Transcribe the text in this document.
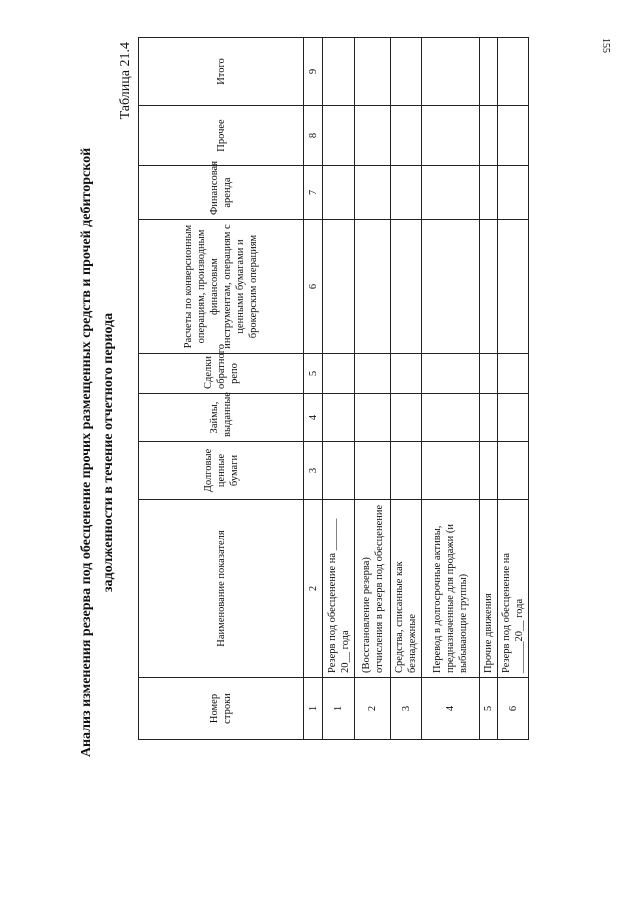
155
Анализ изменения резерва под обесценение прочих размещенных средств и прочей дебиторской задолженности в течение отчетного периода
Таблица 21.4
Номер строки	Наименование показателя	Долговые ценные бумаги	Займы, выданные	Сделки обратного репо	Расчеты по конверсионным операциям, производным финансовым инструментам, операциям с ценными бумагами и брокерским операциям	Финансовая аренда	Прочее	Итого
1	2	3	4	5	6	7	8	9
1	Резерв под обесценение на ______ 20__ года							
2	(Восстановление резерва) отчисления в резерв под обесценение							
3	Средства, списанные как безнадежные							
4	Перевод в долгосрочные активы, предназначенные для продажи (и выбывающие группы)							
5	Прочие движения							
6	Резерв под обесценение на ______20__ года							
